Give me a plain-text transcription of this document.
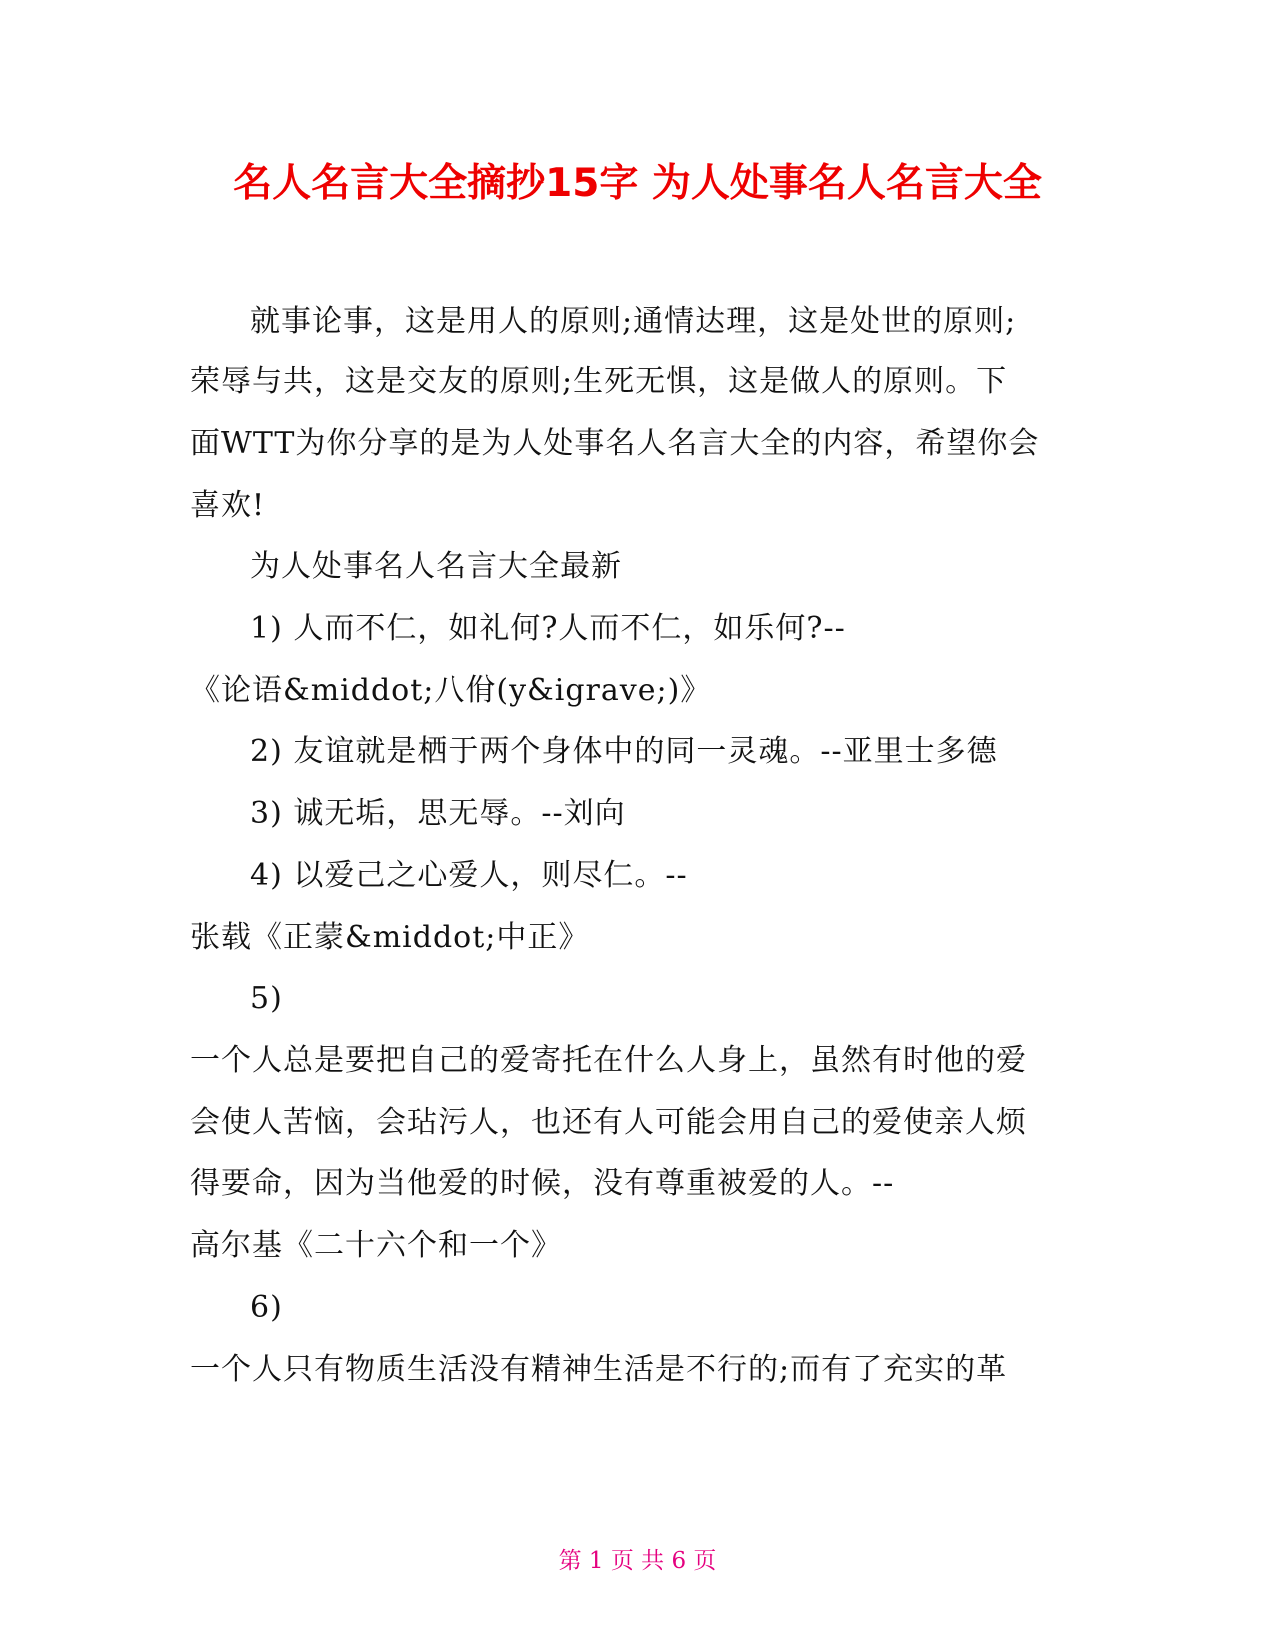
名人名言大全摘抄15字 为人处事名人名言大全
就事论事，这是用人的原则;通情达理，这是处世的原则;
荣辱与共，这是交友的原则;生死无惧，这是做人的原则。下
面WTT为你分享的是为人处事名人名言大全的内容，希望你会
喜欢!
为人处事名人名言大全最新
1) 人而不仁，如礼何?人而不仁，如乐何?--
《论语&middot;八佾(y&igrave;)》
2) 友谊就是栖于两个身体中的同一灵魂。--亚里士多德
3) 诚无垢，思无辱。--刘向
4) 以爱己之心爱人，则尽仁。--
张载《正蒙&middot;中正》
5)
一个人总是要把自己的爱寄托在什么人身上，虽然有时他的爱
会使人苦恼，会玷污人，也还有人可能会用自己的爱使亲人烦
得要命，因为当他爱的时候，没有尊重被爱的人。--
高尔基《二十六个和一个》
6)
一个人只有物质生活没有精神生活是不行的;而有了充实的革
第 1 页 共 6 页
